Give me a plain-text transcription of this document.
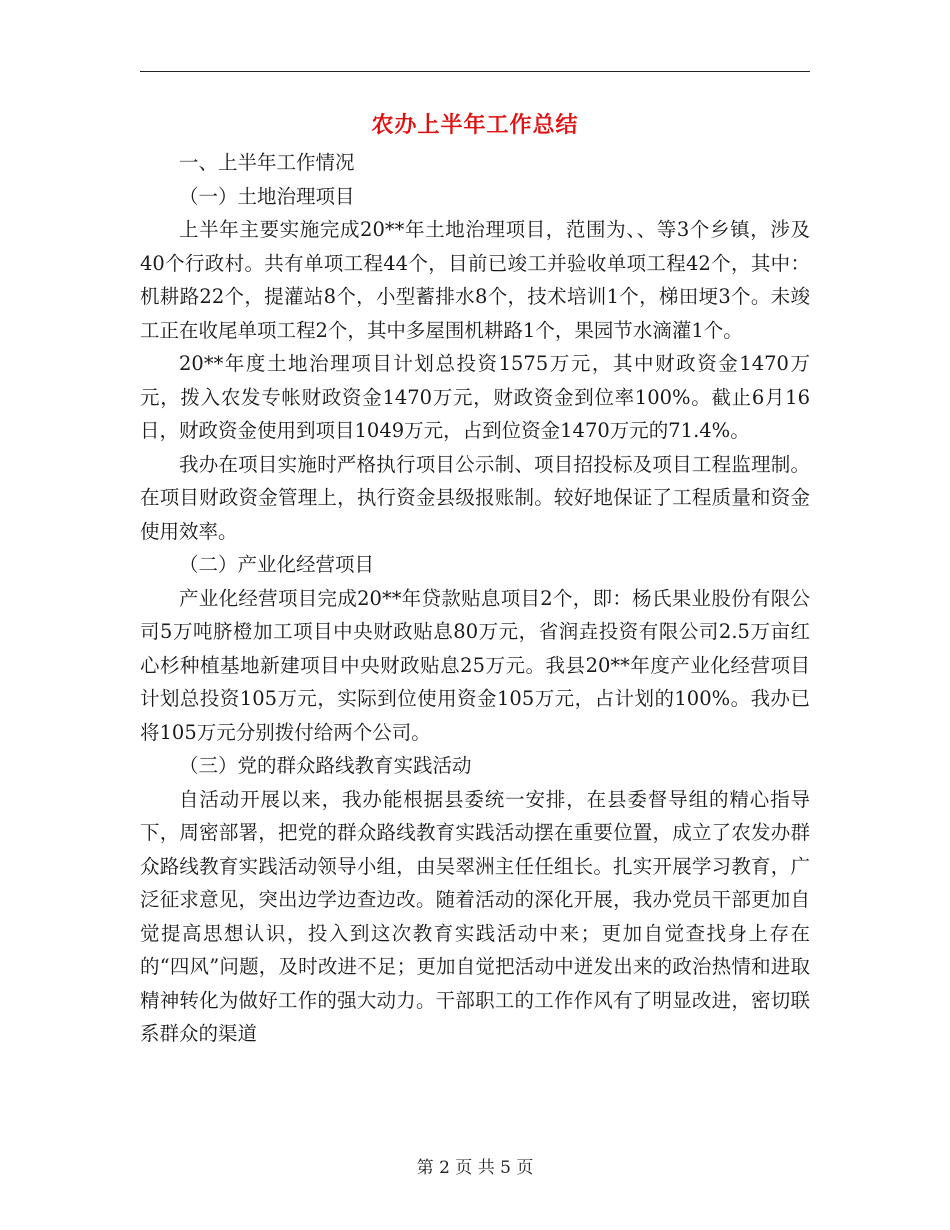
农办上半年工作总结

一、上半年工作情况

（一）土地治理项目

上半年主要实施完成20**年土地治理项目，范围为、、等3个乡镇，涉及40个行政村。共有单项工程44个，目前已竣工并验收单项工程42个，其中：机耕路22个，提灌站8个，小型蓄排水8个，技术培训1个，梯田埂3个。未竣工正在收尾单项工程2个，其中多屋围机耕路1个，果园节水滴灌1个。

20**年度土地治理项目计划总投资1575万元，其中财政资金1470万元，拨入农发专帐财政资金1470万元，财政资金到位率100%。截止6月16日，财政资金使用到项目1049万元，占到位资金1470万元的71.4%。

我办在项目实施时严格执行项目公示制、项目招投标及项目工程监理制。在项目财政资金管理上，执行资金县级报账制。较好地保证了工程质量和资金使用效率。

（二）产业化经营项目

产业化经营项目完成20**年贷款贴息项目2个，即：杨氏果业股份有限公司5万吨脐橙加工项目中央财政贴息80万元，省润垚投资有限公司2.5万亩红心杉种植基地新建项目中央财政贴息25万元。我县20**年度产业化经营项目计划总投资105万元，实际到位使用资金105万元，占计划的100%。我办已将105万元分别拨付给两个公司。

（三）党的群众路线教育实践活动

自活动开展以来，我办能根据县委统一安排，在县委督导组的精心指导下，周密部署，把党的群众路线教育实践活动摆在重要位置，成立了农发办群众路线教育实践活动领导小组，由吴翠洲主任任组长。扎实开展学习教育，广泛征求意见，突出边学边查边改。随着活动的深化开展，我办党员干部更加自觉提高思想认识，投入到这次教育实践活动中来；更加自觉查找身上存在的“四风”问题，及时改进不足；更加自觉把活动中迸发出来的政治热情和进取精神转化为做好工作的强大动力。干部职工的工作作风有了明显改进，密切联系群众的渠道

第 2 页 共 5 页
